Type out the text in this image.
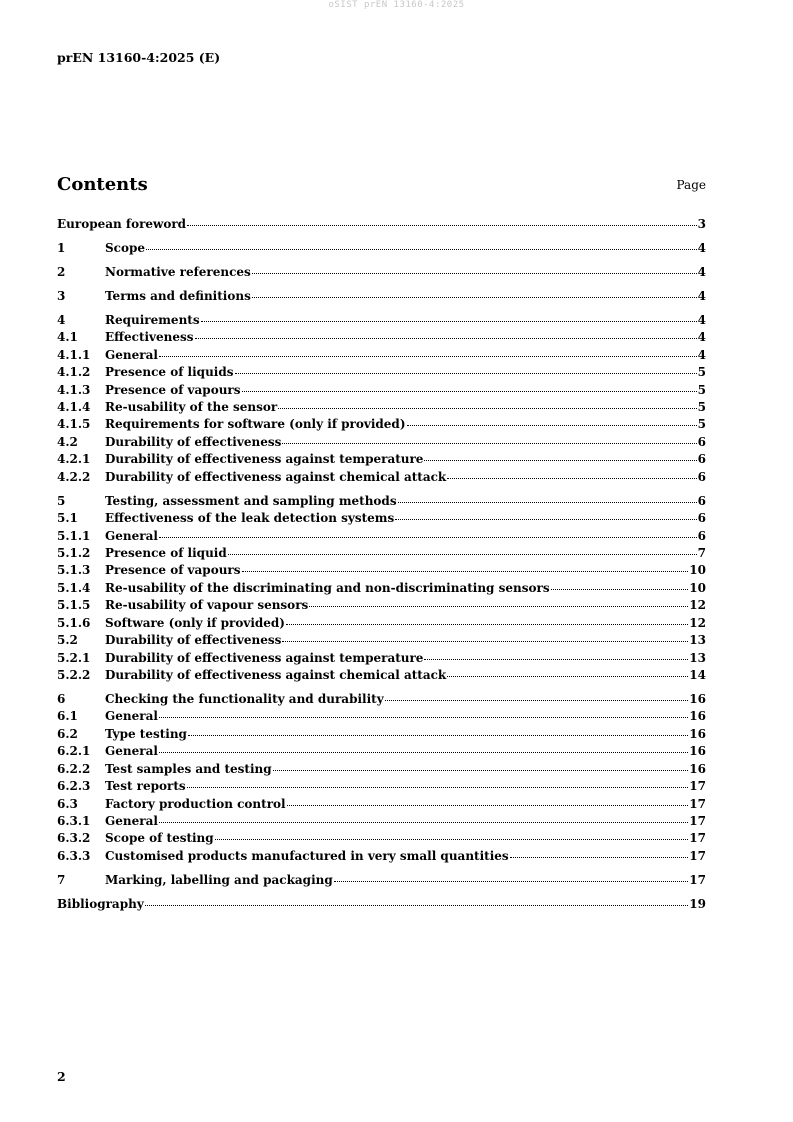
oSIST prEN 13160-4:2025
prEN 13160-4:2025 (E)
Contents	Page
European foreword	3
1	Scope	4
2	Normative references	4
3	Terms and definitions	4
4	Requirements	4
4.1	Effectiveness	4
4.1.1	General	4
4.1.2	Presence of liquids	5
4.1.3	Presence of vapours	5
4.1.4	Re-usability of the sensor	5
4.1.5	Requirements for software (only if provided)	5
4.2	Durability of effectiveness	6
4.2.1	Durability of effectiveness against temperature	6
4.2.2	Durability of effectiveness against chemical attack	6
5	Testing, assessment and sampling methods	6
5.1	Effectiveness of the leak detection systems	6
5.1.1	General	6
5.1.2	Presence of liquid	7
5.1.3	Presence of vapours	10
5.1.4	Re-usability of the discriminating and non-discriminating sensors	10
5.1.5	Re-usability of vapour sensors	12
5.1.6	Software (only if provided)	12
5.2	Durability of effectiveness	13
5.2.1	Durability of effectiveness against temperature	13
5.2.2	Durability of effectiveness against chemical attack	14
6	Checking the functionality and durability	16
6.1	General	16
6.2	Type testing	16
6.2.1	General	16
6.2.2	Test samples and testing	16
6.2.3	Test reports	17
6.3	Factory production control	17
6.3.1	General	17
6.3.2	Scope of testing	17
6.3.3	Customised products manufactured in very small quantities	17
7	Marking, labelling and packaging	17
Bibliography	19
2
